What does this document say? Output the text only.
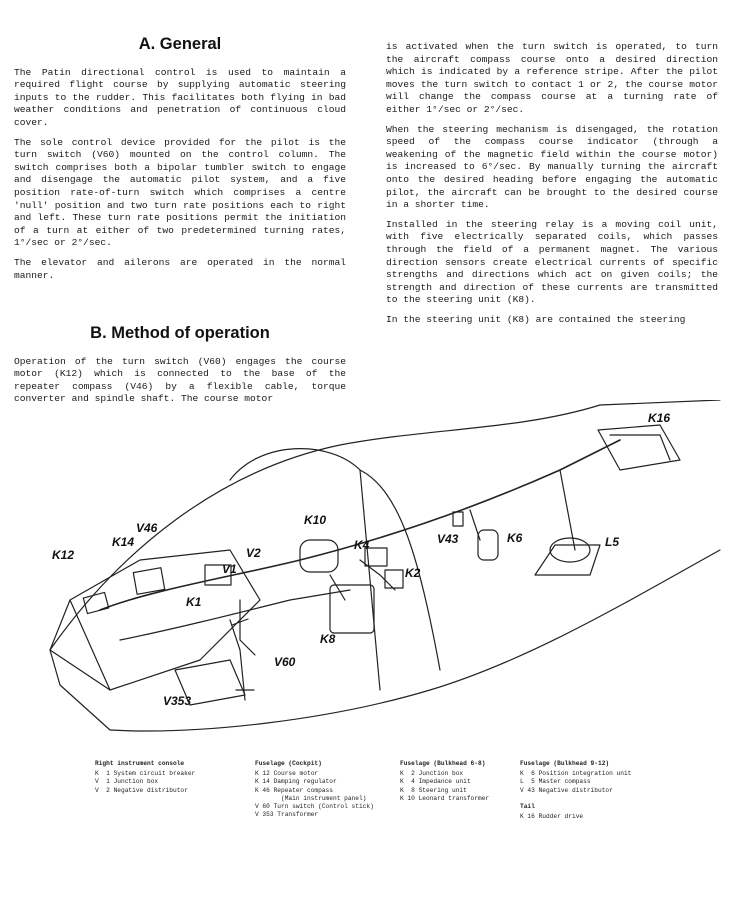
A. General

The Patin directional control is used to maintain a required flight course by supplying automatic steering inputs to the rudder. This facilitates both flying in bad weather conditions and penetration of continuous cloud cover.

The sole control device provided for the pilot is the turn switch (V60) mounted on the control column. The switch comprises both a bipolar tumbler switch to engage and disengage the automatic pilot system, and a five position rate-of-turn switch which comprises a centre 'null' position and two turn rate positions each to right and left. These turn rate positions permit the initiation of a turn at either of two predetermined turning rates, 1°/sec or 2°/sec.

The elevator and ailerons are operated in the normal manner.

B. Method of operation

Operation of the turn switch (V60) engages the course motor (K12) which is connected to the base of the repeater compass (V46) by a flexible cable, torque converter and spindle shaft. The course motor

is activated when the turn switch is operated, to turn the aircraft compass course onto a desired direction which is indicated by a reference stripe. After the pilot moves the turn switch to contact 1 or 2, the course motor will change the compass course at a turning rate of either 1°/sec or 2°/sec.

When the steering mechanism is disengaged, the rotation speed of the compass course indicator (through a weakening of the magnetic field within the course motor) is increased to 6°/sec. By manually turning the aircraft onto the desired heading before engaging the automatic pilot, the aircraft can be brought to the desired course in a shorter time.

Installed in the steering relay is a moving coil unit, with five electrically separated coils, which passes through the field of a permanent magnet. The various direction sensors create electrical currents of specific strengths and directions which act on given coils; the strength and direction of these currents are transmitted to the steering unit (K8).

In the steering unit (K8) are contained the steering

K16
K10
V46
K14
K12	V2
V1
K4	V43	K6	L5
K1
K2
K8
V60
V353
Right instrument console
K  1 System circuit breaker
V  1 Junction box
V  2 Negative distributor
Fuselage (Cockpit)
K 12 Course motor
K 14 Damping regulator
K 46 Repeater compass
(Main instrument panel)
V 60 Turn switch (Control stick)
V 353 Transformer
Fuselage (Bulkhead 6-8)
K  2 Junction box
K  4 Impedance unit
K  8 Steering unit
K 10 Leonard transformer
Fuselage (Bulkhead 9-12)
K  6 Position integration unit
L  5 Master compass
V 43 Negative distributor
Tail
K 16 Rudder drive
